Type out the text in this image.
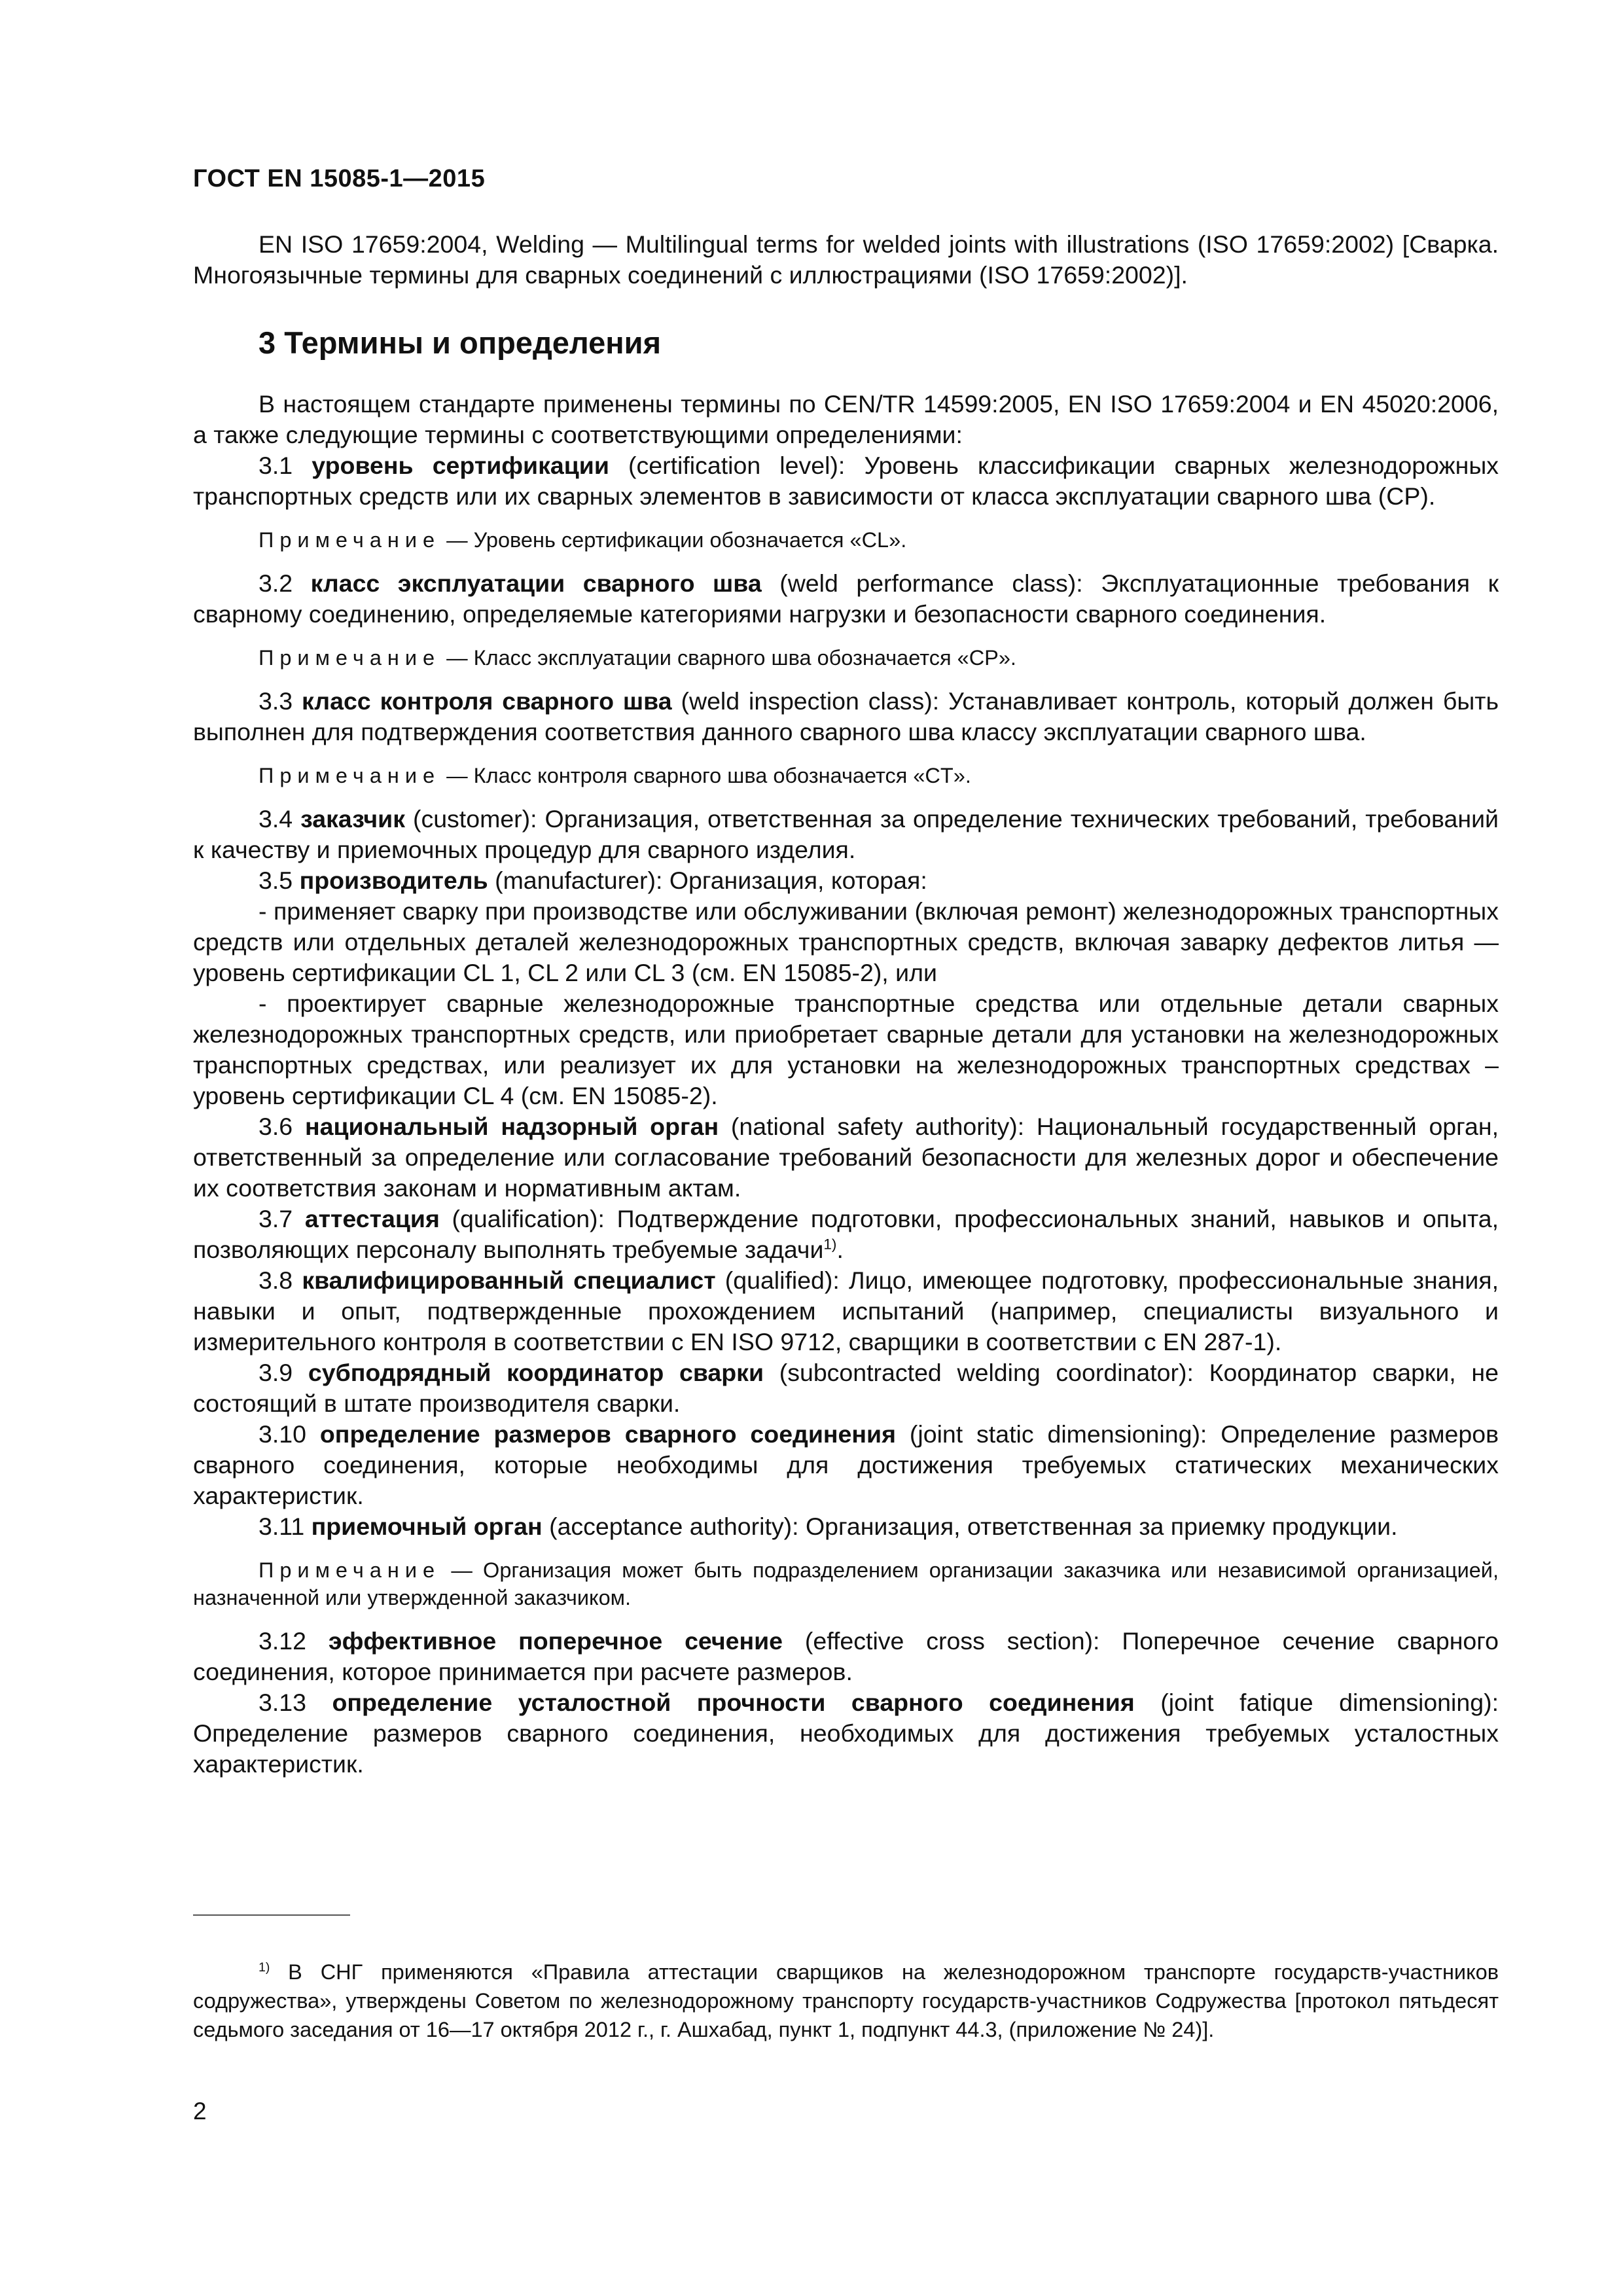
ГОСТ EN 15085-1—2015

EN ISO 17659:2004, Welding — Multilingual terms for welded joints with illustrations (ISO 17659:2002) [Сварка. Многоязычные термины для сварных соединений с иллюстрациями (ISO 17659:2002)].

3 Термины и определения

В настоящем стандарте применены термины по CEN/TR 14599:2005, EN ISO 17659:2004 и EN 45020:2006, а также следующие термины с соответствующими определениями:

3.1 уровень сертификации (certification level): Уровень классификации сварных железнодорожных транспортных средств или их сварных элементов в зависимости от класса эксплуатации сварного шва (CP).

Примечание — Уровень сертификации обозначается «CL».

3.2 класс эксплуатации сварного шва (weld performance class): Эксплуатационные требования к сварному соединению, определяемые категориями нагрузки и безопасности сварного соединения.

Примечание — Класс эксплуатации сварного шва обозначается «CP».

3.3 класс контроля сварного шва (weld inspection class): Устанавливает контроль, который должен быть выполнен для подтверждения соответствия данного сварного шва классу эксплуатации сварного шва.

Примечание — Класс контроля сварного шва обозначается «CT».

3.4 заказчик (customer): Организация, ответственная за определение технических требований, требований к качеству и приемочных процедур для сварного изделия.

3.5 производитель (manufacturer): Организация, которая:

- применяет сварку при производстве или обслуживании (включая ремонт) железнодорожных транспортных средств или отдельных деталей железнодорожных транспортных средств, включая заварку дефектов литья — уровень сертификации CL 1, CL 2 или CL 3 (см. EN 15085-2), или

- проектирует сварные железнодорожные транспортные средства или отдельные детали сварных железнодорожных транспортных средств, или приобретает сварные детали для установки на железнодорожных транспортных средствах, или реализует их для установки на железнодорожных транспортных средствах – уровень сертификации CL 4 (см. EN 15085-2).

3.6 национальный надзорный орган (national safety authority): Национальный государственный орган, ответственный за определение или согласование требований безопасности для железных дорог и обеспечение их соответствия законам и нормативным актам.

3.7 аттестация (qualification): Подтверждение подготовки, профессиональных знаний, навыков и опыта, позволяющих персоналу выполнять требуемые задачи$^{1)}$.

3.8 квалифицированный специалист (qualified): Лицо, имеющее подготовку, профессиональные знания, навыки и опыт, подтвержденные прохождением испытаний (например, специалисты визуального и измерительного контроля в соответствии с EN ISO 9712, сварщики в соответствии с EN 287-1).

3.9 субподрядный координатор сварки (subcontracted welding coordinator): Координатор сварки, не состоящий в штате производителя сварки.

3.10 определение размеров сварного соединения (joint static dimensioning): Определение размеров сварного соединения, которые необходимы для достижения требуемых статических механических характеристик.

3.11 приемочный орган (acceptance authority): Организация, ответственная за приемку продукции.

Примечание — Организация может быть подразделением организации заказчика или независимой организацией, назначенной или утвержденной заказчиком.

3.12 эффективное поперечное сечение (effective cross section): Поперечное сечение сварного соединения, которое принимается при расчете размеров.

3.13 определение усталостной прочности сварного соединения (joint fatique dimensioning): Определение размеров сварного соединения, необходимых для достижения требуемых усталостных характеристик.

$^{1)}$ В СНГ применяются «Правила аттестации сварщиков на железнодорожном транспорте государств-участников содружества», утверждены Советом по железнодорожному транспорту государств-участников Содружества [протокол пятьдесят седьмого заседания от 16—17 октября 2012 г., г. Ашхабад, пункт 1, подпункт 44.3, (приложение № 24)].

2
